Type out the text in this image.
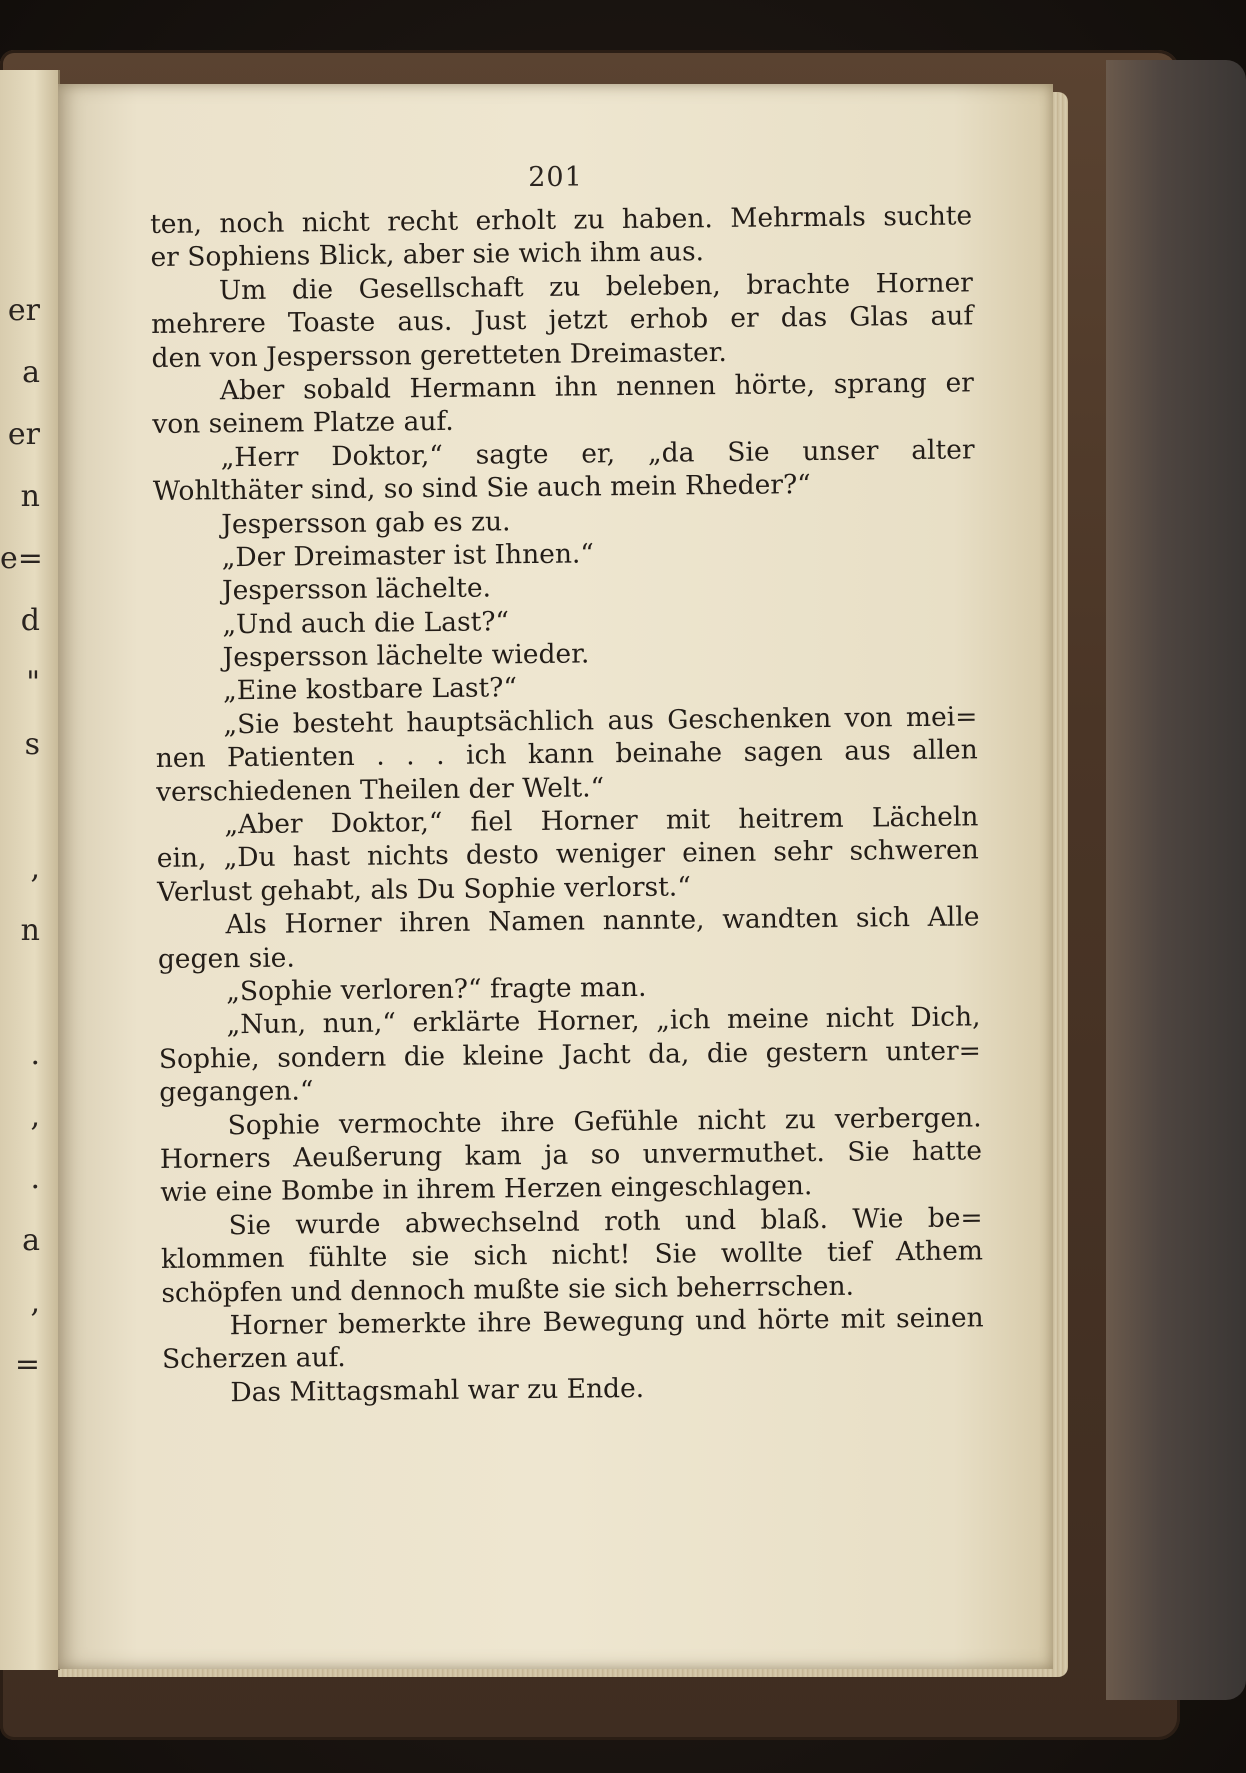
er
a
er
n
e=
d
"
s
,
n
.
,
.
a
,
=
201
ten, noch nicht recht erholt zu haben. Mehrmals suchte
er Sophiens Blick, aber sie wich ihm aus.
Um die Gesellschaft zu beleben, brachte Horner
mehrere Toaste aus. Just jetzt erhob er das Glas auf
den von Jespersson geretteten Dreimaster.
Aber sobald Hermann ihn nennen hörte, sprang er
von seinem Platze auf.
„Herr Doktor,“ sagte er, „da Sie unser alter
Wohlthäter sind, so sind Sie auch mein Rheder?“
Jespersson gab es zu.
„Der Dreimaster ist Ihnen.“
Jespersson lächelte.
„Und auch die Last?“
Jespersson lächelte wieder.
„Eine kostbare Last?“
„Sie besteht hauptsächlich aus Geschenken von mei=
nen Patienten . . . ich kann beinahe sagen aus allen
verschiedenen Theilen der Welt.“
„Aber Doktor,“ fiel Horner mit heitrem Lächeln
ein, „Du hast nichts desto weniger einen sehr schweren
Verlust gehabt, als Du Sophie verlorst.“
Als Horner ihren Namen nannte, wandten sich Alle
gegen sie.
„Sophie verloren?“ fragte man.
„Nun, nun,“ erklärte Horner, „ich meine nicht Dich,
Sophie, sondern die kleine Jacht da, die gestern unter=
gegangen.“
Sophie vermochte ihre Gefühle nicht zu verbergen.
Horners Aeußerung kam ja so unvermuthet. Sie hatte
wie eine Bombe in ihrem Herzen eingeschlagen.
Sie wurde abwechselnd roth und blaß. Wie be=
klommen fühlte sie sich nicht! Sie wollte tief Athem
schöpfen und dennoch mußte sie sich beherrschen.
Horner bemerkte ihre Bewegung und hörte mit seinen
Scherzen auf.
Das Mittagsmahl war zu Ende.
